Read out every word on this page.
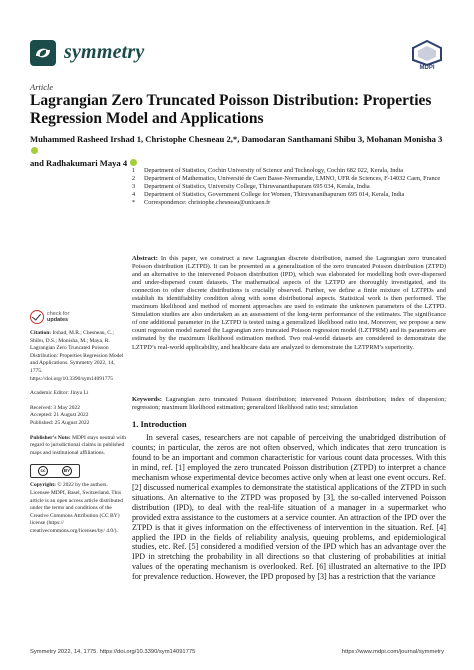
symmetry
MDPI
Article
Lagrangian Zero Truncated Poisson Distribution: Properties Regression Model and Applications
Muhammed Rasheed Irshad 1, Christophe Chesneau 2,*, Damodaran Santhamani Shibu 3, Mohanan Monisha 3
and Radhakumari Maya 4
1	Department of Statistics, Cochin University of Science and Technology, Cochin 682 022, Kerala, India
2	Department of Mathematics, Université de Caen Basse-Normandie, LMNO, UFR de Sciences, F-14032 Caen, France
3	Department of Statistics, University College, Thiruvananthapuram 695 034, Kerala, India
4	Department of Statistics, Government College for Women, Thiruvananthapuram 695 014, Kerala, India
*	Correspondence: christophe.chesneau@unicaen.fr
Abstract: In this paper, we construct a new Lagrangian discrete distribution, named the Lagrangian zero truncated Poisson distribution (LZTPD). It can be presented as a generalization of the zero truncated Poisson distribution (ZTPD) and an alternative to the intervened Poisson distribution (IPD), which was elaborated for modelling both over-dispersed and under-dispersed count datasets. The mathematical aspects of the LZTPD are thoroughly investigated, and its connection to other discrete distributions is crucially observed. Further, we define a finite mixture of LZTPDs and establish its identifiability condition along with some distributional aspects. Statistical work is then performed. The maximum likelihood and method of moment approaches are used to estimate the unknown parameters of the LZTPD. Simulation studies are also undertaken as an assessment of the long-term performance of the estimates. The significance of one additional parameter in the LZTPD is tested using a generalized likelihood ratio test. Moreover, we propose a new count regression model named the Lagrangian zero truncated Poisson regression model (LZTPRM) and its parameters are estimated by the maximum likelihood estimation method. Two real-world datasets are considered to demonstrate the LZTPD’s real-world applicability, and healthcare data are analyzed to demonstrate the LZTPRM’s superiority.
Keywords: Lagrangian zero truncated Poisson distribution; intervened Poisson distribution; index of dispersion; regression; maximum likelihood estimation; generalized likelihood ratio test; simulation
check for
updates
Citation: Irshad, M.R.; Chesneau, C.; Shibu, D.S.; Monisha, M.; Maya, R. Lagrangian Zero Truncated Poisson Distribution: Properties Regression Model and Applications. Symmetry 2022, 14, 1775. https://doi.org/10.3390/sym14091775
Academic Editor: Jinyu Li
Received: 3 May 2022
Accepted: 21 August 2022
Published: 25 August 2022
Publisher’s Note: MDPI stays neutral with regard to jurisdictional claims in published maps and institutional affiliations.
cc	BY
Copyright: © 2022 by the authors. Licensee MDPI, Basel, Switzerland. This article is an open access article distributed under the terms and conditions of the Creative Commons Attribution (CC BY) license (https:// creativecommons.org/licenses/by/ 4.0/).
1. Introduction
In several cases, researchers are not capable of perceiving the unabridged distribution of counts; in particular, the zeros are not often observed, which indicates that zero truncation is found to be an important and common characteristic for various count data processes. With this in mind, ref. [1] employed the zero truncated Poisson distribution (ZTPD) to interpret a chance mechanism whose experimental device becomes active only when at least one event occurs. Ref. [2] discussed numerical examples to demonstrate the statistical applications of the ZTPD in such situations. An alternative to the ZTPD was proposed by [3], the so-called intervened Poisson distribution (IPD), to deal with the real-life situation of a manager in a supermarket who provided extra assistance to the customers at a service counter. An attraction of the IPD over the ZTPD is that it gives information on the effectiveness of intervention in the situation. Ref. [4] applied the IPD in the fields of reliability analysis, queuing problems, and epidemiological studies, etc. Ref. [5] considered a modified version of the IPD which has an advantage over the IPD in stretching the probability in all directions so that clustering of probabilities at initial values of the operating mechanism is overlooked. Ref. [6] illustrated an alternative to the IPD for prevalence reduction. However, the IPD proposed by [3] has a restriction that the variance
Symmetry 2022, 14, 1775. https://doi.org/10.3390/sym14091775	https://www.mdpi.com/journal/symmetry
